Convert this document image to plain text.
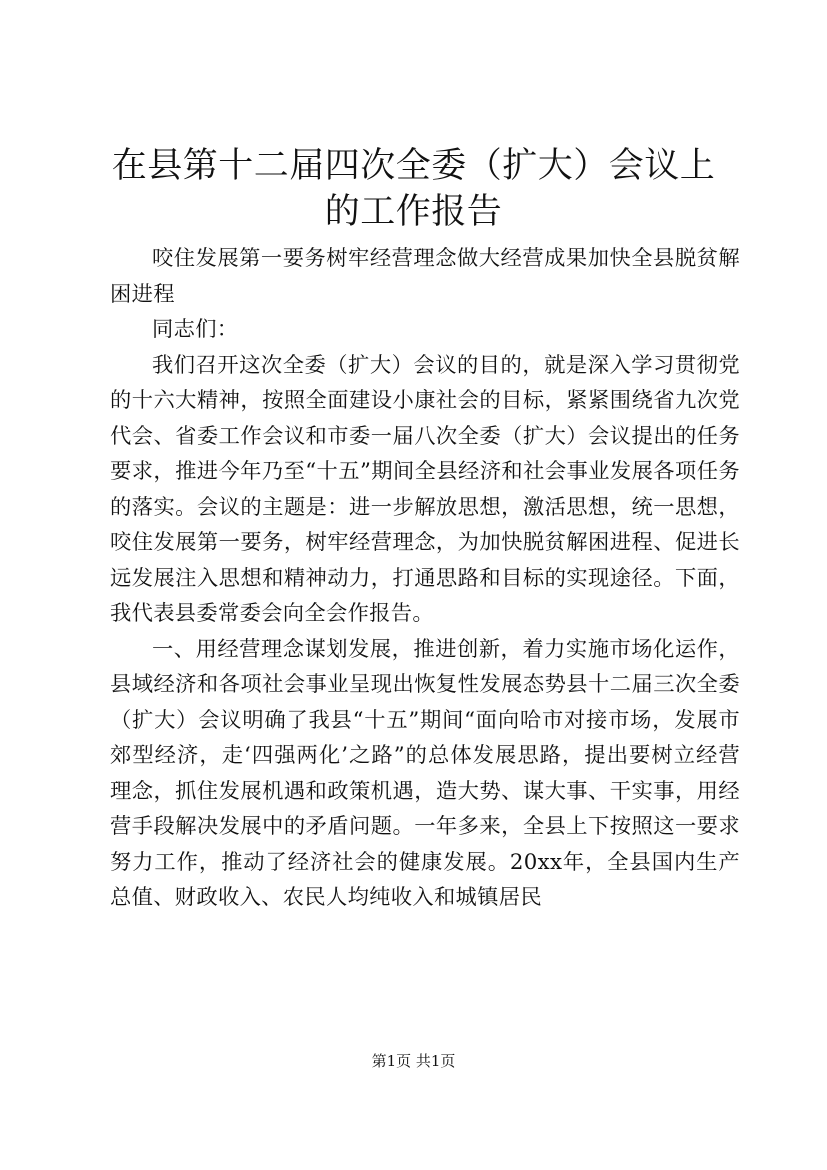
在县第十二届四次全委（扩大）会议上的工作报告

咬住发展第一要务树牢经营理念做大经营成果加快全县脱贫解困进程

同志们：

我们召开这次全委（扩大）会议的目的，就是深入学习贯彻党的十六大精神，按照全面建设小康社会的目标，紧紧围绕省九次党代会、省委工作会议和市委一届八次全委（扩大）会议提出的任务要求，推进今年乃至“十五”期间全县经济和社会事业发展各项任务的落实。会议的主题是：进一步解放思想，激活思想，统一思想，咬住发展第一要务，树牢经营理念，为加快脱贫解困进程、促进长远发展注入思想和精神动力，打通思路和目标的实现途径。下面，我代表县委常委会向全会作报告。

一、用经营理念谋划发展，推进创新，着力实施市场化运作，县域经济和各项社会事业呈现出恢复性发展态势县十二届三次全委（扩大）会议明确了我县“十五”期间“面向哈市对接市场，发展市郊型经济，走‘四强两化’之路”的总体发展思路，提出要树立经营理念，抓住发展机遇和政策机遇，造大势、谋大事、干实事，用经营手段解决发展中的矛盾问题。一年多来，全县上下按照这一要求努力工作，推动了经济社会的健康发展。20xx年，全县国内生产总值、财政收入、农民人均纯收入和城镇居民

第1页 共1页
